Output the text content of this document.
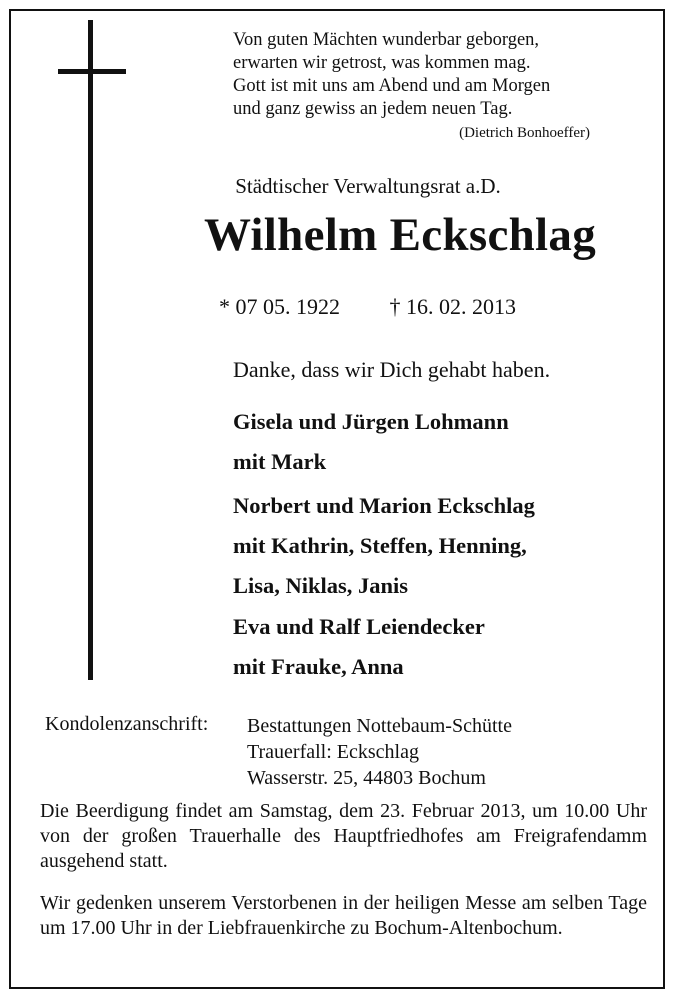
Von guten Mächten wunderbar geborgen,
erwarten wir getrost, was kommen mag.
Gott ist mit uns am Abend und am Morgen
und ganz gewiss an jedem neuen Tag.
(Dietrich Bonhoeffer)
Städtischer Verwaltungsrat a.D.
Wilhelm Eckschlag
* 07 05. 1922 † 16. 02. 2013
Danke, dass wir Dich gehabt haben.
Gisela und Jürgen Lohmann
mit Mark
Norbert und Marion Eckschlag
mit Kathrin, Steffen, Henning,
Lisa, Niklas, Janis
Eva und Ralf Leiendecker
mit Frauke, Anna
Kondolenzanschrift: Bestattungen Nottebaum-Schütte
Trauerfall: Eckschlag
Wasserstr. 25, 44803 Bochum
Die Beerdigung findet am Samstag, dem 23. Februar 2013, um 10.00 Uhr von der großen Trauerhalle des Hauptfriedhofes am Freigrafendamm ausgehend statt.
Wir gedenken unserem Verstorbenen in der heiligen Messe am selben Tage um 17.00 Uhr in der Liebfrauenkirche zu Bochum-Altenbochum.
